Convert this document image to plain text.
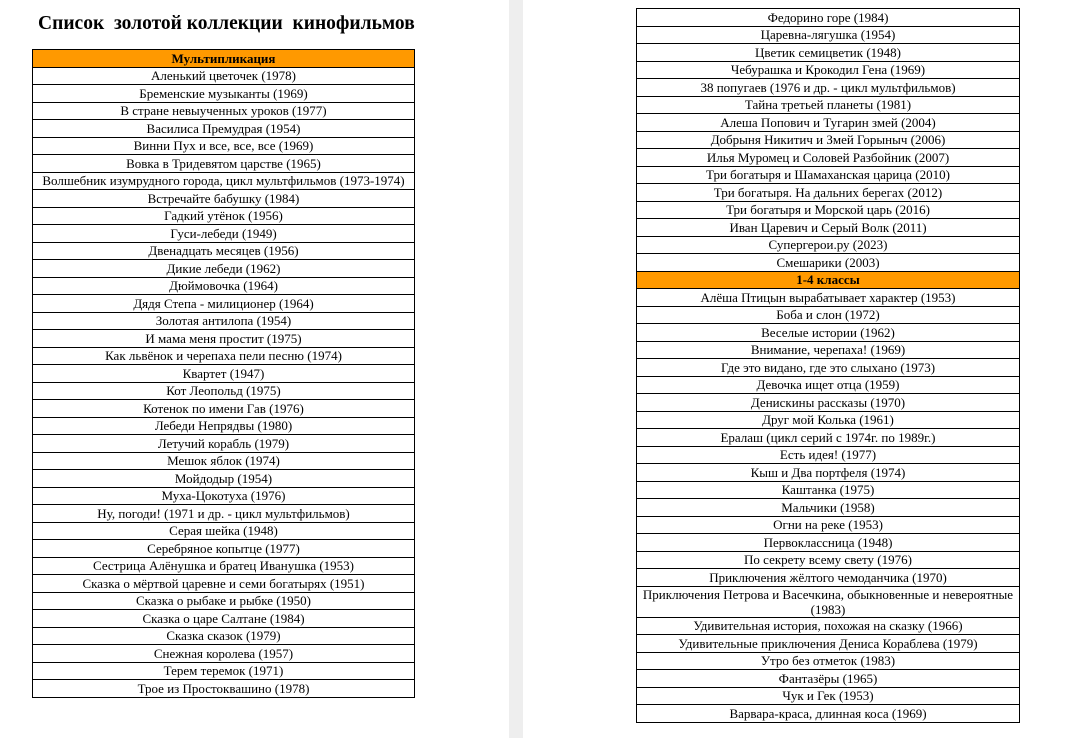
Список  золотой коллекции  кинофильмов
Мультипликация
Аленький цветочек (1978)
Бременские музыканты (1969)
В стране невыученных уроков (1977)
Василиса Премудрая (1954)
Винни Пух и все, все, все (1969)
Вовка в Тридевятом царстве (1965)
Волшебник изумрудного города, цикл мультфильмов (1973-1974)
Встречайте бабушку (1984)
Гадкий утёнок (1956)
Гуси-лебеди (1949)
Двенадцать месяцев (1956)
Дикие лебеди (1962)
Дюймовочка (1964)
Дядя Степа - милиционер (1964)
Золотая антилопа (1954)
И мама меня простит (1975)
Как львёнок и черепаха пели песню (1974)
Квартет (1947)
Кот Леопольд (1975)
Котенок по имени Гав (1976)
Лебеди Непрядвы (1980)
Летучий корабль (1979)
Мешок яблок (1974)
Мойдодыр (1954)
Муха-Цокотуха (1976)
Ну, погоди! (1971 и др. - цикл мультфильмов)
Серая шейка (1948)
Серебряное копытце (1977)
Сестрица Алёнушка и братец Иванушка (1953)
Сказка о мёртвой царевне и семи богатырях (1951)
Сказка о рыбаке и рыбке (1950)
Сказка о царе Салтане (1984)
Сказка сказок (1979)
Снежная королева (1957)
Терем теремок (1971)
Трое из Простоквашино (1978)
Федорино горе (1984)
Царевна-лягушка (1954)
Цветик семицветик (1948)
Чебурашка и Крокодил Гена (1969)
38 попугаев (1976 и др. - цикл мультфильмов)
Тайна третьей планеты (1981)
Алеша Попович и Тугарин змей (2004)
Добрыня Никитич и Змей Горыныч (2006)
Илья Муромец и Соловей Разбойник (2007)
Три богатыря и Шамаханская царица (2010)
Три богатыря. На дальних берегах (2012)
Три богатыря и Морской царь (2016)
Иван Царевич и Серый Волк (2011)
Супергерои.ру (2023)
Смешарики (2003)
1-4 классы
Алёша Птицын вырабатывает характер (1953)
Боба и слон (1972)
Веселые истории (1962)
Внимание, черепаха! (1969)
Где это видано, где это слыхано (1973)
Девочка ищет отца (1959)
Денискины рассказы (1970)
Друг мой Колька (1961)
Ералаш (цикл серий с 1974г. по 1989г.)
Есть идея! (1977)
Кыш и Два портфеля (1974)
Каштанка (1975)
Мальчики (1958)
Огни на реке (1953)
Первоклассница (1948)
По секрету всему свету (1976)
Приключения жёлтого чемоданчика (1970)
Приключения Петрова и Васечкина, обыкновенные и невероятные (1983)
Удивительная история, похожая на сказку (1966)
Удивительные приключения Дениса Кораблева (1979)
Утро без отметок (1983)
Фантазёры (1965)
Чук и Гек (1953)
Варвара-краса, длинная коса (1969)
